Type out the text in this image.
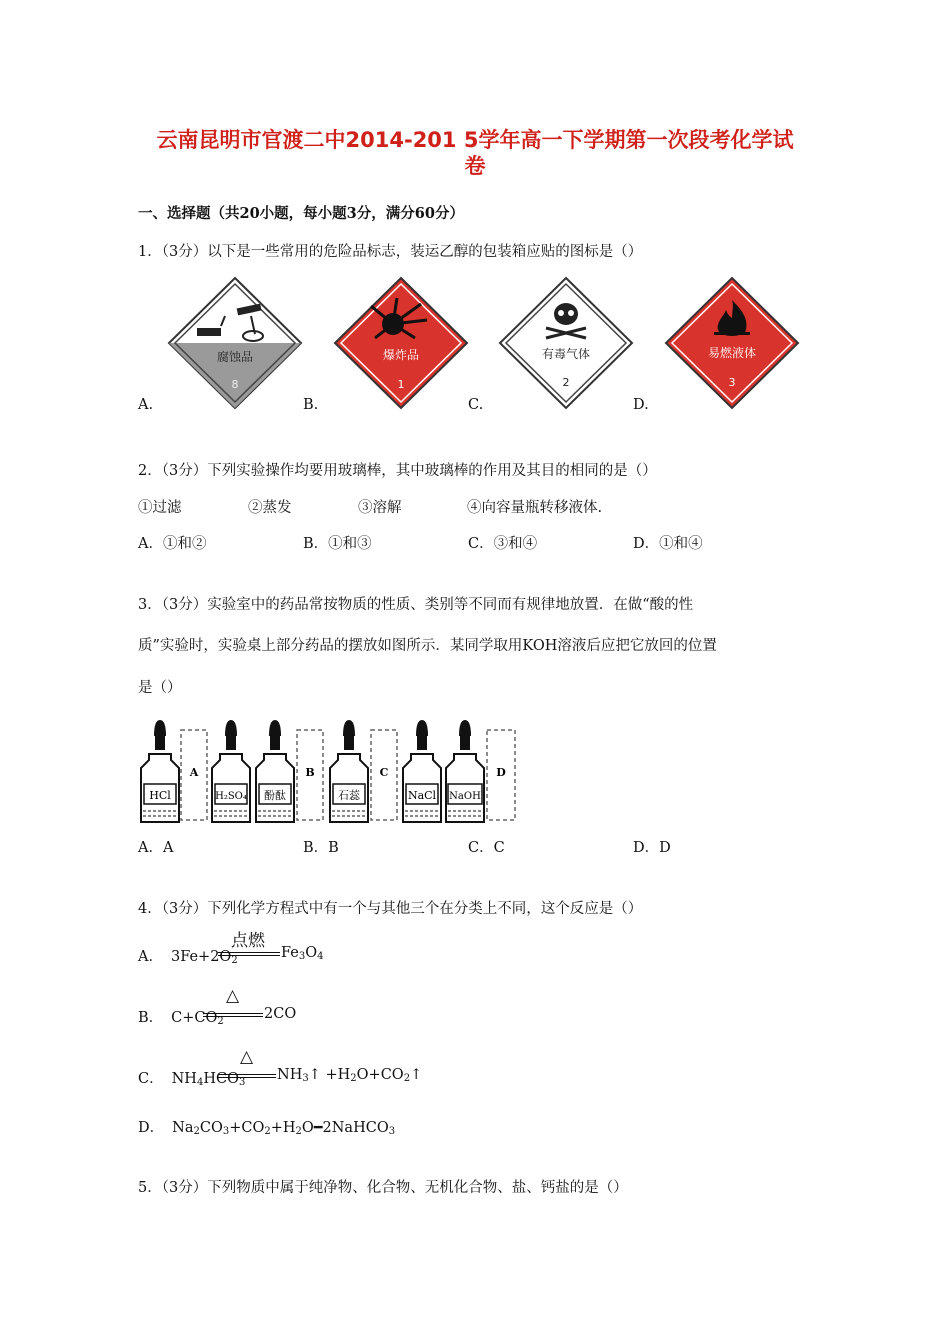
云南昆明市官渡二中2014-201 5学年高一下学期第一次段考化学试
卷
一、选择题（共20小题，每小题3分，满分60分）
1．（3分）以下是一些常用的危险品标志，装运乙醇的包装箱应贴的图标是（）
腐蚀品
8
A.
爆炸品
1
B.
有毒气体
2
C.
易燃液体
3
D.
2．（3分）下列实验操作均要用玻璃棒，其中玻璃棒的作用及其目的相同的是（）
①过滤	②蒸发	③溶解	④向容量瓶转移液体.
A．①和②	B．①和③	C．③和④	D．①和④
3．（3分）实验室中的药品常按物质的性质、类别等不同而有规律地放置．在做“酸的性
质”实验时，实验桌上部分药品的摆放如图所示．某同学取用KOH溶液后应把它放回的位置
是（）
HCl
A
H₂SO₄ 酚酞
B
石蕊
C
NaCl NaOH
D
A．A	B．B	C．C	D．D
4．（3分）下列化学方程式中有一个与其他三个在分类上不同，这个反应是（）
A． $3Fe+2O_2$
点燃
$Fe_3O_4$
B． $C+CO_2$
△
2CO
C． $NH_4HCO_3$
△
$NH_3↑$ $+H_2O+CO_2↑$
D． $Na_2CO_3+CO_2+H_2O━2NaHCO_3$
5．（3分）下列物质中属于纯净物、化合物、无机化合物、盐、钙盐的是（）
